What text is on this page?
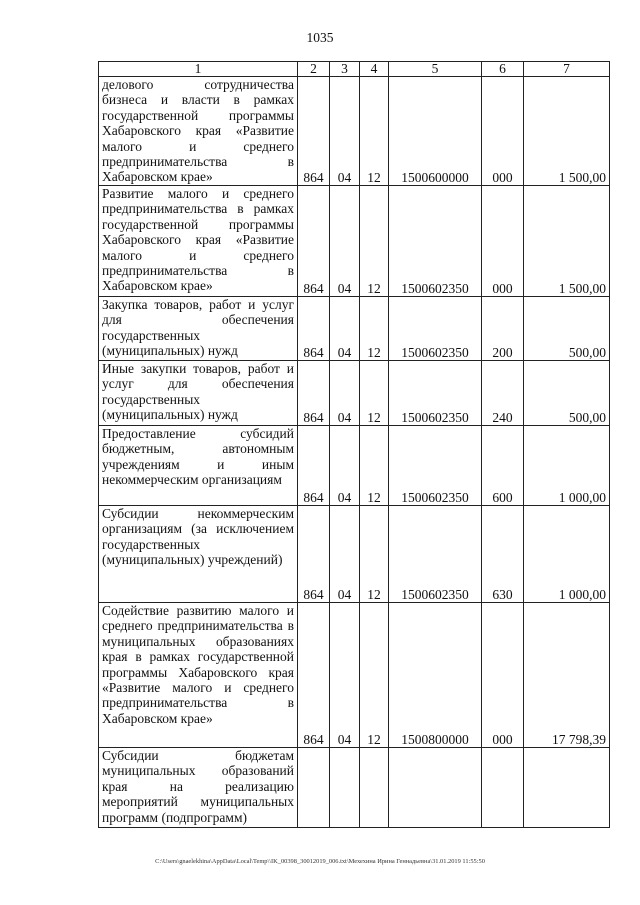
1035
1	2	3	4	5	6	7
делового сотрудничества бизнеса и власти в рамках государственной программы Хабаровского края «Развитие малого и среднего предпринимательства в Хабаровском крае»	864	04	12	1500600000	000	1 500,00
Развитие малого и среднего предпринимательства в рамках государственной программы Хабаровского края «Развитие малого и среднего предпринимательства в Хабаровском крае»	864	04	12	1500602350	000	1 500,00
Закупка товаров, работ и услуг для обеспечения государственных (муниципальных) нужд	864	04	12	1500602350	200	500,00
Иные закупки товаров, работ и услуг для обеспечения государственных (муниципальных) нужд	864	04	12	1500602350	240	500,00
Предоставление субсидий бюджетным, автономным учреждениям и иным некоммерческим организациям	864	04	12	1500602350	600	1 000,00
Субсидии некоммерческим организациям (за исключением государственных (муниципальных) учреждений)	864	04	12	1500602350	630	1 000,00
Содействие развитию малого и среднего предпринимательства в муниципальных образованиях края в рамках государственной программы Хабаровского края «Развитие малого и среднего предпринимательства в Хабаровском крае»	864	04	12	1500800000	000	17 798,39
Субсидии бюджетам муниципальных образований края на реализацию мероприятий муниципальных программ (подпрограмм)						
C:\Users\gnaelekhina\AppData\Local\Temp\\IK_00398_30012019_006.txt\Мехехина Ирина Геннадьевна\31.01.2019 11:55:50
